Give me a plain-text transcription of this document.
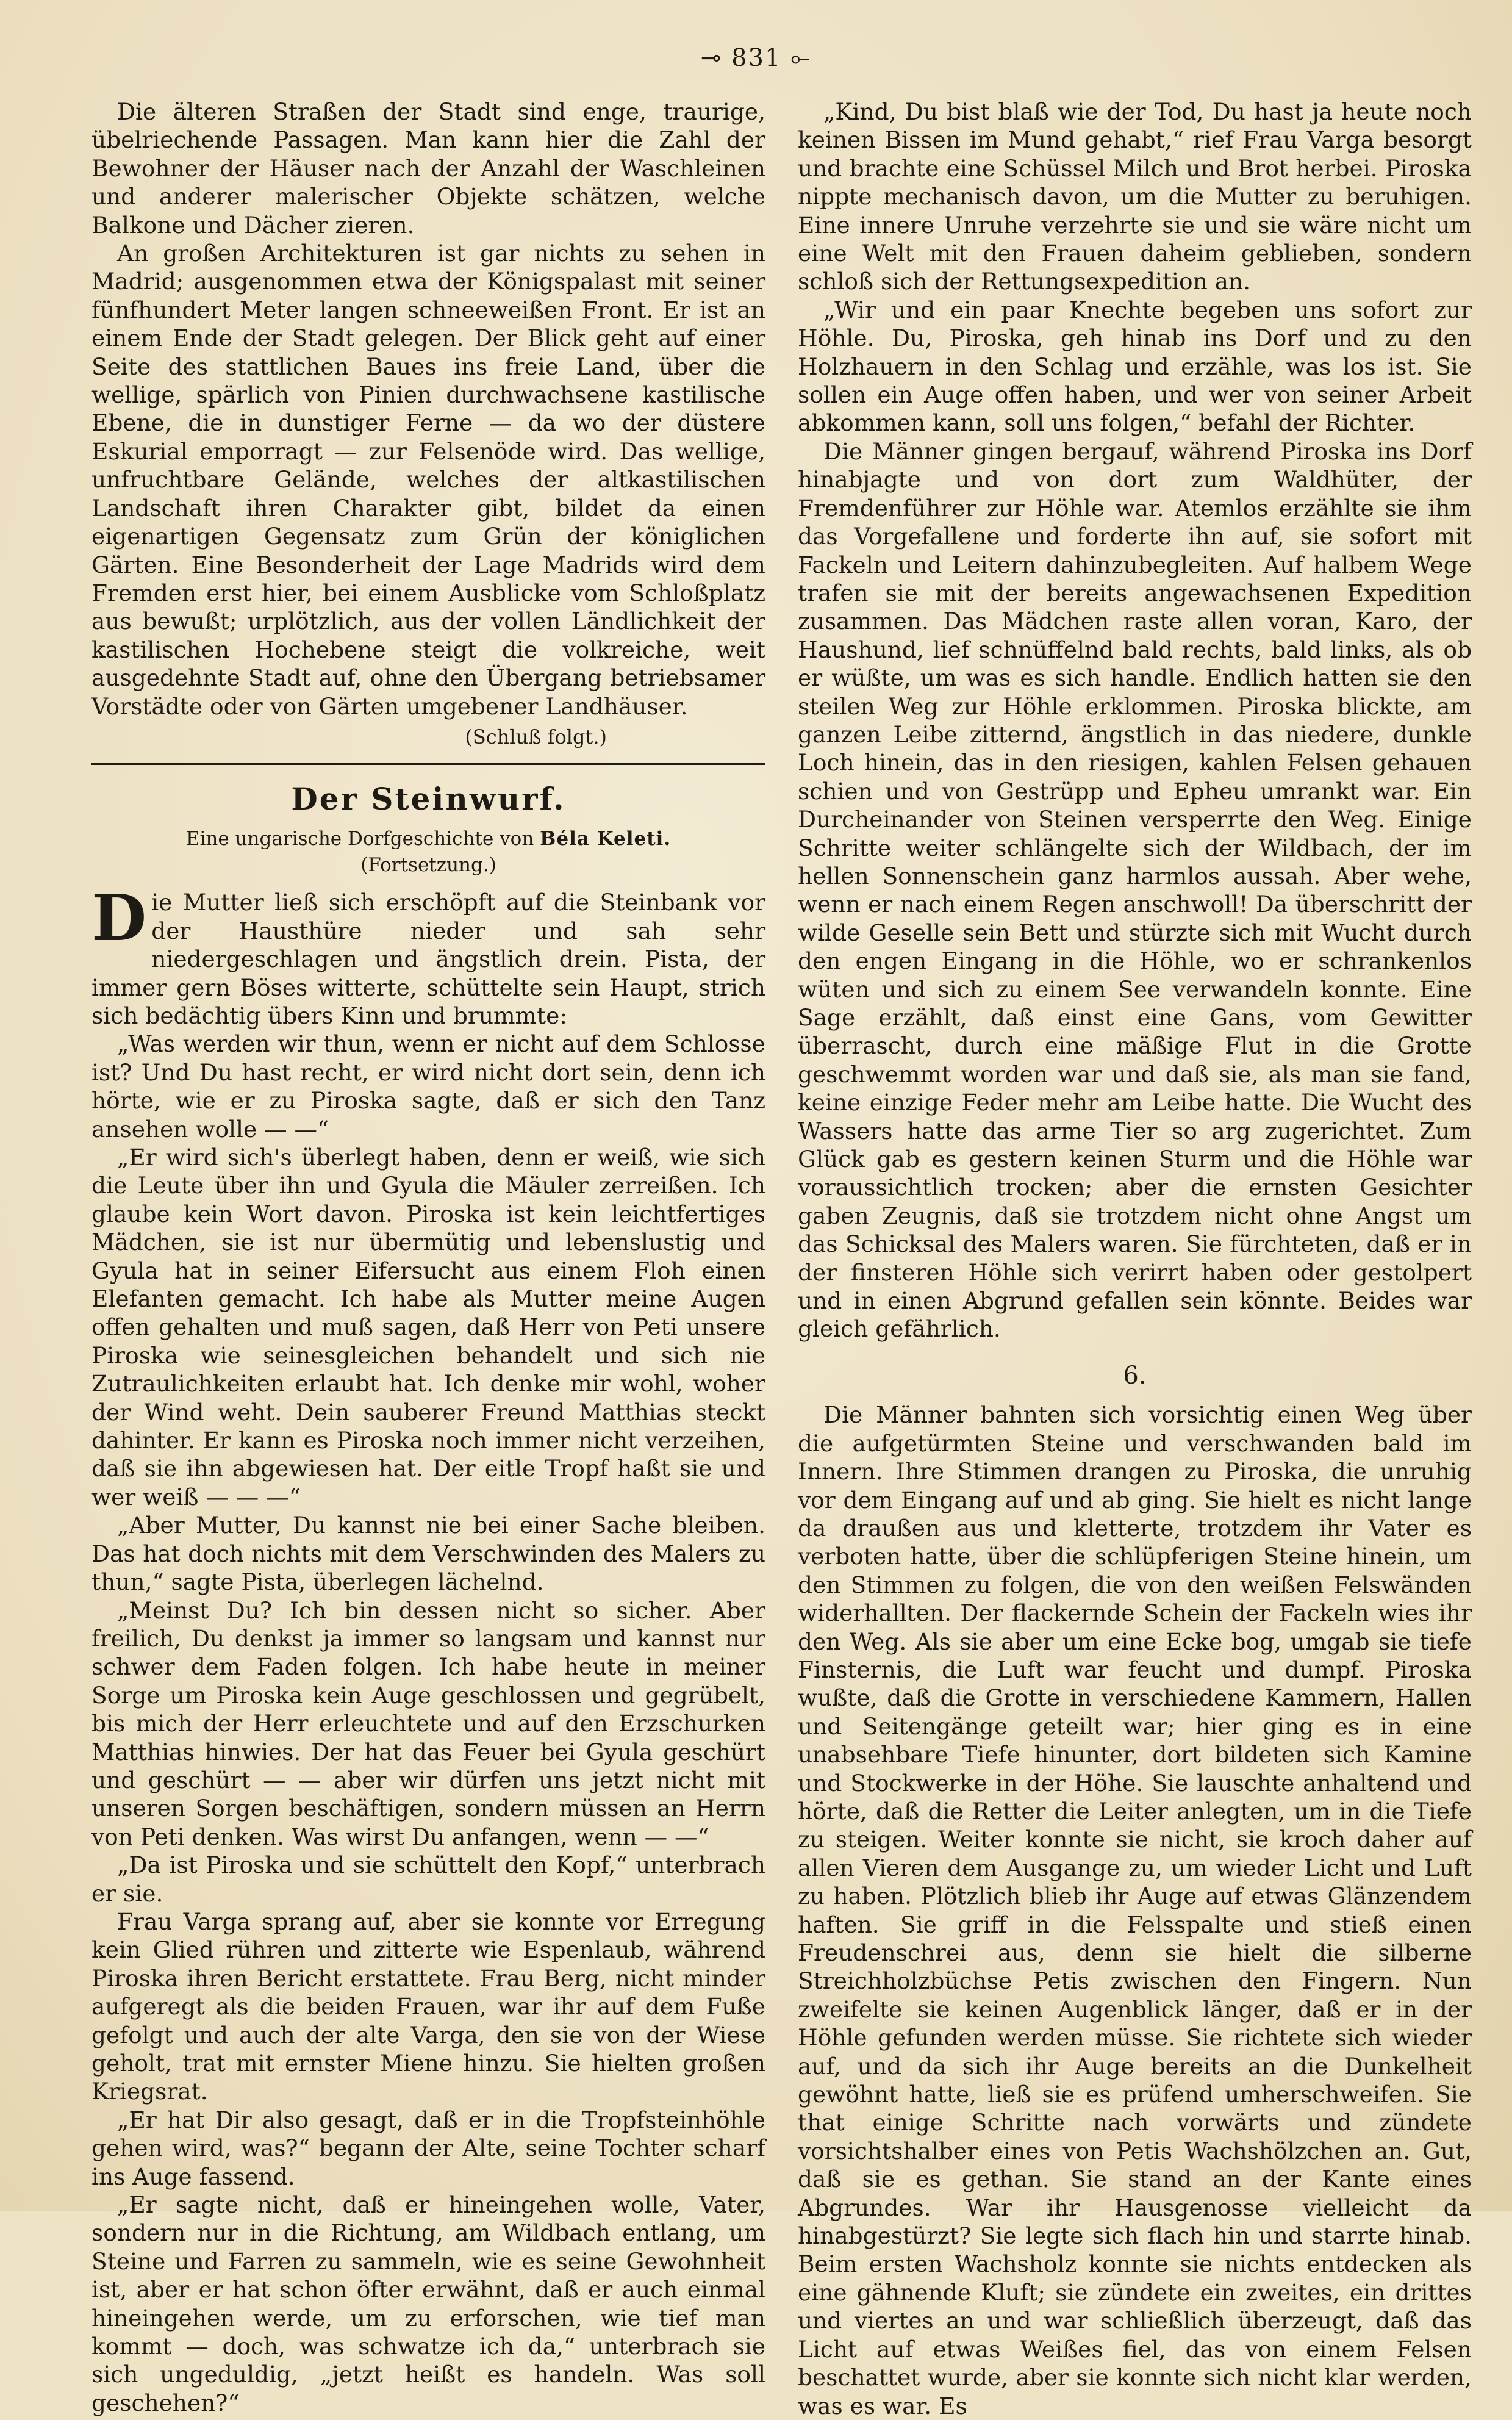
⊸ 831 ⟜

Die älteren Straßen der Stadt sind enge, traurige, übelriechende Passagen. Man kann hier die Zahl der Bewohner der Häuser nach der Anzahl der Waschleinen und anderer malerischer Objekte schätzen, welche Balkone und Dächer zieren.

An großen Architekturen ist gar nichts zu sehen in Madrid; ausgenommen etwa der Königspalast mit seiner fünfhundert Meter langen schneeweißen Front. Er ist an einem Ende der Stadt gelegen. Der Blick geht auf einer Seite des stattlichen Baues ins freie Land, über die wellige, spärlich von Pinien durchwachsene kastilische Ebene, die in dunstiger Ferne — da wo der düstere Eskurial emporragt — zur Felsenöde wird. Das wellige, unfruchtbare Gelände, welches der altkastilischen Landschaft ihren Charakter gibt, bildet da einen eigenartigen Gegensatz zum Grün der königlichen Gärten. Eine Besonderheit der Lage Madrids wird dem Fremden erst hier, bei einem Ausblicke vom Schloßplatz aus bewußt; urplötzlich, aus der vollen Ländlichkeit der kastilischen Hochebene steigt die volkreiche, weit ausgedehnte Stadt auf, ohne den Übergang betriebsamer Vorstädte oder von Gärten umgebener Landhäuser.

(Schluß folgt.)
Der Steinwurf.
Eine ungarische Dorfgeschichte von Béla Keleti.
(Fortsetzung.)

Die Mutter ließ sich erschöpft auf die Steinbank vor der Hausthüre nieder und sah sehr niedergeschlagen und ängstlich drein. Pista, der immer gern Böses witterte, schüttelte sein Haupt, strich sich bedächtig übers Kinn und brummte:

„Was werden wir thun, wenn er nicht auf dem Schlosse ist? Und Du hast recht, er wird nicht dort sein, denn ich hörte, wie er zu Piroska sagte, daß er sich den Tanz ansehen wolle — —“

„Er wird sich's überlegt haben, denn er weiß, wie sich die Leute über ihn und Gyula die Mäuler zerreißen. Ich glaube kein Wort davon. Piroska ist kein leichtfertiges Mädchen, sie ist nur übermütig und lebenslustig und Gyula hat in seiner Eifersucht aus einem Floh einen Elefanten gemacht. Ich habe als Mutter meine Augen offen gehalten und muß sagen, daß Herr von Peti unsere Piroska wie seinesgleichen behandelt und sich nie Zutraulichkeiten erlaubt hat. Ich denke mir wohl, woher der Wind weht. Dein sauberer Freund Matthias steckt dahinter. Er kann es Piroska noch immer nicht verzeihen, daß sie ihn abgewiesen hat. Der eitle Tropf haßt sie und wer weiß — — —“

„Aber Mutter, Du kannst nie bei einer Sache bleiben. Das hat doch nichts mit dem Verschwinden des Malers zu thun,“ sagte Pista, überlegen lächelnd.

„Meinst Du? Ich bin dessen nicht so sicher. Aber freilich, Du denkst ja immer so langsam und kannst nur schwer dem Faden folgen. Ich habe heute in meiner Sorge um Piroska kein Auge geschlossen und gegrübelt, bis mich der Herr erleuchtete und auf den Erzschurken Matthias hinwies. Der hat das Feuer bei Gyula geschürt und geschürt — — aber wir dürfen uns jetzt nicht mit unseren Sorgen beschäftigen, sondern müssen an Herrn von Peti denken. Was wirst Du anfangen, wenn — —“

„Da ist Piroska und sie schüttelt den Kopf,“ unterbrach er sie.

Frau Varga sprang auf, aber sie konnte vor Erregung kein Glied rühren und zitterte wie Espenlaub, während Piroska ihren Bericht erstattete. Frau Berg, nicht minder aufgeregt als die beiden Frauen, war ihr auf dem Fuße gefolgt und auch der alte Varga, den sie von der Wiese geholt, trat mit ernster Miene hinzu. Sie hielten großen Kriegsrat.

„Er hat Dir also gesagt, daß er in die Tropfsteinhöhle gehen wird, was?“ begann der Alte, seine Tochter scharf ins Auge fassend.

„Er sagte nicht, daß er hineingehen wolle, Vater, sondern nur in die Richtung, am Wildbach entlang, um Steine und Farren zu sammeln, wie es seine Gewohnheit ist, aber er hat schon öfter erwähnt, daß er auch einmal hineingehen werde, um zu erforschen, wie tief man kommt — doch, was schwatze ich da,“ unterbrach sie sich ungeduldig, „jetzt heißt es handeln. Was soll geschehen?“

„Kind, Du bist blaß wie der Tod, Du hast ja heute noch keinen Bissen im Mund gehabt,“ rief Frau Varga besorgt und brachte eine Schüssel Milch und Brot herbei. Piroska nippte mechanisch davon, um die Mutter zu beruhigen. Eine innere Unruhe verzehrte sie und sie wäre nicht um eine Welt mit den Frauen daheim geblieben, sondern schloß sich der Rettungsexpedition an.

„Wir und ein paar Knechte begeben uns sofort zur Höhle. Du, Piroska, geh hinab ins Dorf und zu den Holzhauern in den Schlag und erzähle, was los ist. Sie sollen ein Auge offen haben, und wer von seiner Arbeit abkommen kann, soll uns folgen,“ befahl der Richter.

Die Männer gingen bergauf, während Piroska ins Dorf hinabjagte und von dort zum Waldhüter, der Fremdenführer zur Höhle war. Atemlos erzählte sie ihm das Vorgefallene und forderte ihn auf, sie sofort mit Fackeln und Leitern dahinzubegleiten. Auf halbem Wege trafen sie mit der bereits angewachsenen Expedition zusammen. Das Mädchen raste allen voran, Karo, der Haushund, lief schnüffelnd bald rechts, bald links, als ob er wüßte, um was es sich handle. Endlich hatten sie den steilen Weg zur Höhle erklommen. Piroska blickte, am ganzen Leibe zitternd, ängstlich in das niedere, dunkle Loch hinein, das in den riesigen, kahlen Felsen gehauen schien und von Gestrüpp und Epheu umrankt war. Ein Durcheinander von Steinen versperrte den Weg. Einige Schritte weiter schlängelte sich der Wildbach, der im hellen Sonnenschein ganz harmlos aussah. Aber wehe, wenn er nach einem Regen anschwoll! Da überschritt der wilde Geselle sein Bett und stürzte sich mit Wucht durch den engen Eingang in die Höhle, wo er schrankenlos wüten und sich zu einem See verwandeln konnte. Eine Sage erzählt, daß einst eine Gans, vom Gewitter überrascht, durch eine mäßige Flut in die Grotte geschwemmt worden war und daß sie, als man sie fand, keine einzige Feder mehr am Leibe hatte. Die Wucht des Wassers hatte das arme Tier so arg zugerichtet. Zum Glück gab es gestern keinen Sturm und die Höhle war voraussichtlich trocken; aber die ernsten Gesichter gaben Zeugnis, daß sie trotzdem nicht ohne Angst um das Schicksal des Malers waren. Sie fürchteten, daß er in der finsteren Höhle sich verirrt haben oder gestolpert und in einen Abgrund gefallen sein könnte. Beides war gleich gefährlich.

6.

Die Männer bahnten sich vorsichtig einen Weg über die aufgetürmten Steine und verschwanden bald im Innern. Ihre Stimmen drangen zu Piroska, die unruhig vor dem Eingang auf und ab ging. Sie hielt es nicht lange da draußen aus und kletterte, trotzdem ihr Vater es verboten hatte, über die schlüpferigen Steine hinein, um den Stimmen zu folgen, die von den weißen Felswänden widerhallten. Der flackernde Schein der Fackeln wies ihr den Weg. Als sie aber um eine Ecke bog, umgab sie tiefe Finsternis, die Luft war feucht und dumpf. Piroska wußte, daß die Grotte in verschiedene Kammern, Hallen und Seitengänge geteilt war; hier ging es in eine unabsehbare Tiefe hinunter, dort bildeten sich Kamine und Stockwerke in der Höhe. Sie lauschte anhaltend und hörte, daß die Retter die Leiter anlegten, um in die Tiefe zu steigen. Weiter konnte sie nicht, sie kroch daher auf allen Vieren dem Ausgange zu, um wieder Licht und Luft zu haben. Plötzlich blieb ihr Auge auf etwas Glänzendem haften. Sie griff in die Felsspalte und stieß einen Freudenschrei aus, denn sie hielt die silberne Streichholzbüchse Petis zwischen den Fingern. Nun zweifelte sie keinen Augenblick länger, daß er in der Höhle gefunden werden müsse. Sie richtete sich wieder auf, und da sich ihr Auge bereits an die Dunkelheit gewöhnt hatte, ließ sie es prüfend umherschweifen. Sie that einige Schritte nach vorwärts und zündete vorsichtshalber eines von Petis Wachshölzchen an. Gut, daß sie es gethan. Sie stand an der Kante eines Abgrundes. War ihr Hausgenosse vielleicht da hinabgestürzt? Sie legte sich flach hin und starrte hinab. Beim ersten Wachsholz konnte sie nichts entdecken als eine gähnende Kluft; sie zündete ein zweites, ein drittes und viertes an und war schließlich überzeugt, daß das Licht auf etwas Weißes fiel, das von einem Felsen beschattet wurde, aber sie konnte sich nicht klar werden, was es war. Es
